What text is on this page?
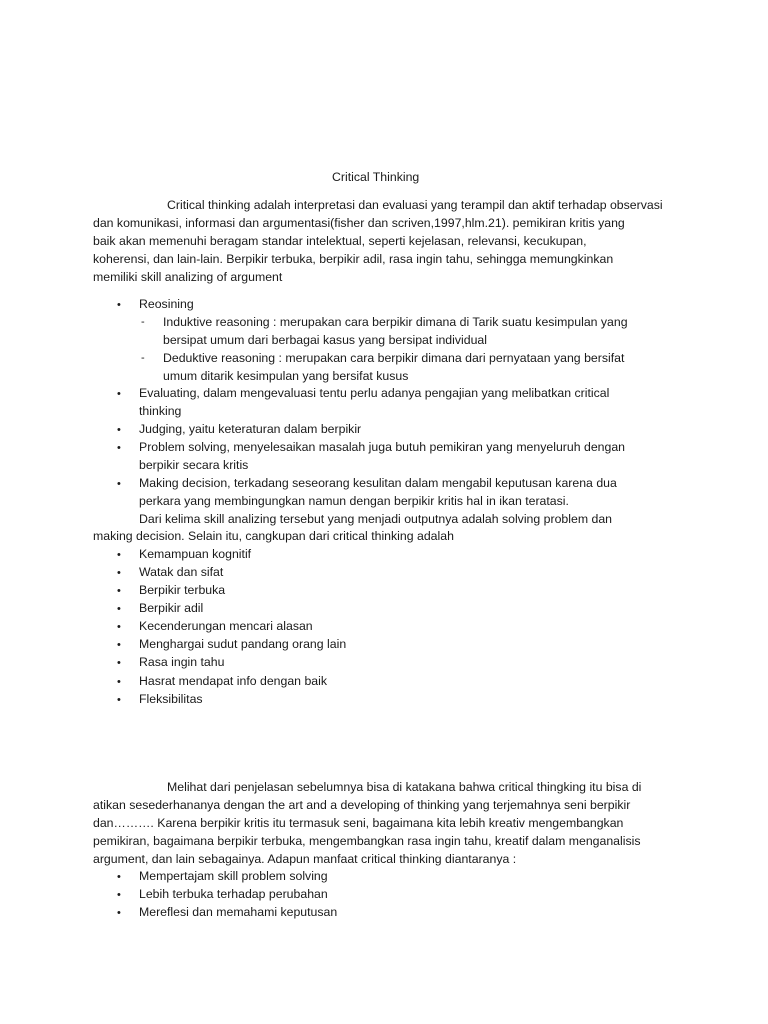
Critical Thinking
Critical thinking adalah interpretasi dan evaluasi yang terampil dan aktif terhadap observasi
dan komunikasi, informasi dan argumentasi(fisher dan scriven,1997,hlm.21). pemikiran kritis yang
baik akan memenuhi beragam standar intelektual, seperti kejelasan, relevansi, kecukupan,
koherensi, dan lain-lain. Berpikir terbuka, berpikir adil, rasa ingin tahu, sehingga memungkinkan
memiliki skill analizing of argument
• Reosining
- Induktive reasoning : merupakan cara berpikir dimana di Tarik suatu kesimpulan yang
bersipat umum dari berbagai kasus yang bersipat individual
- Deduktive reasoning : merupakan cara berpikir dimana dari pernyataan yang bersifat
umum ditarik kesimpulan yang bersifat kusus
• Evaluating, dalam mengevaluasi tentu perlu adanya pengajian yang melibatkan critical
thinking
• Judging, yaitu keteraturan dalam berpikir
• Problem solving, menyelesaikan masalah juga butuh pemikiran yang menyeluruh dengan
berpikir secara kritis
• Making decision, terkadang seseorang kesulitan dalam mengabil keputusan karena dua
perkara yang membingungkan namun dengan berpikir kritis hal in ikan teratasi.
Dari kelima skill analizing tersebut yang menjadi outputnya adalah solving problem dan
making decision. Selain itu, cangkupan dari critical thinking adalah
• Kemampuan kognitif
• Watak dan sifat
• Berpikir terbuka
• Berpikir adil
• Kecenderungan mencari alasan
• Menghargai sudut pandang orang lain
• Rasa ingin tahu
• Hasrat mendapat info dengan baik
• Fleksibilitas
Melihat dari penjelasan sebelumnya bisa di katakana bahwa critical thingking itu bisa di
atikan sesederhananya dengan the art and a developing of thinking yang terjemahnya seni berpikir
dan………. Karena berpikir kritis itu termasuk seni, bagaimana kita lebih kreativ mengembangkan
pemikiran, bagaimana berpikir terbuka, mengembangkan rasa ingin tahu, kreatif dalam menganalisis
argument, dan lain sebagainya. Adapun manfaat critical thinking diantaranya :
• Mempertajam skill problem solving
• Lebih terbuka terhadap perubahan
• Mereflesi dan memahami keputusan
